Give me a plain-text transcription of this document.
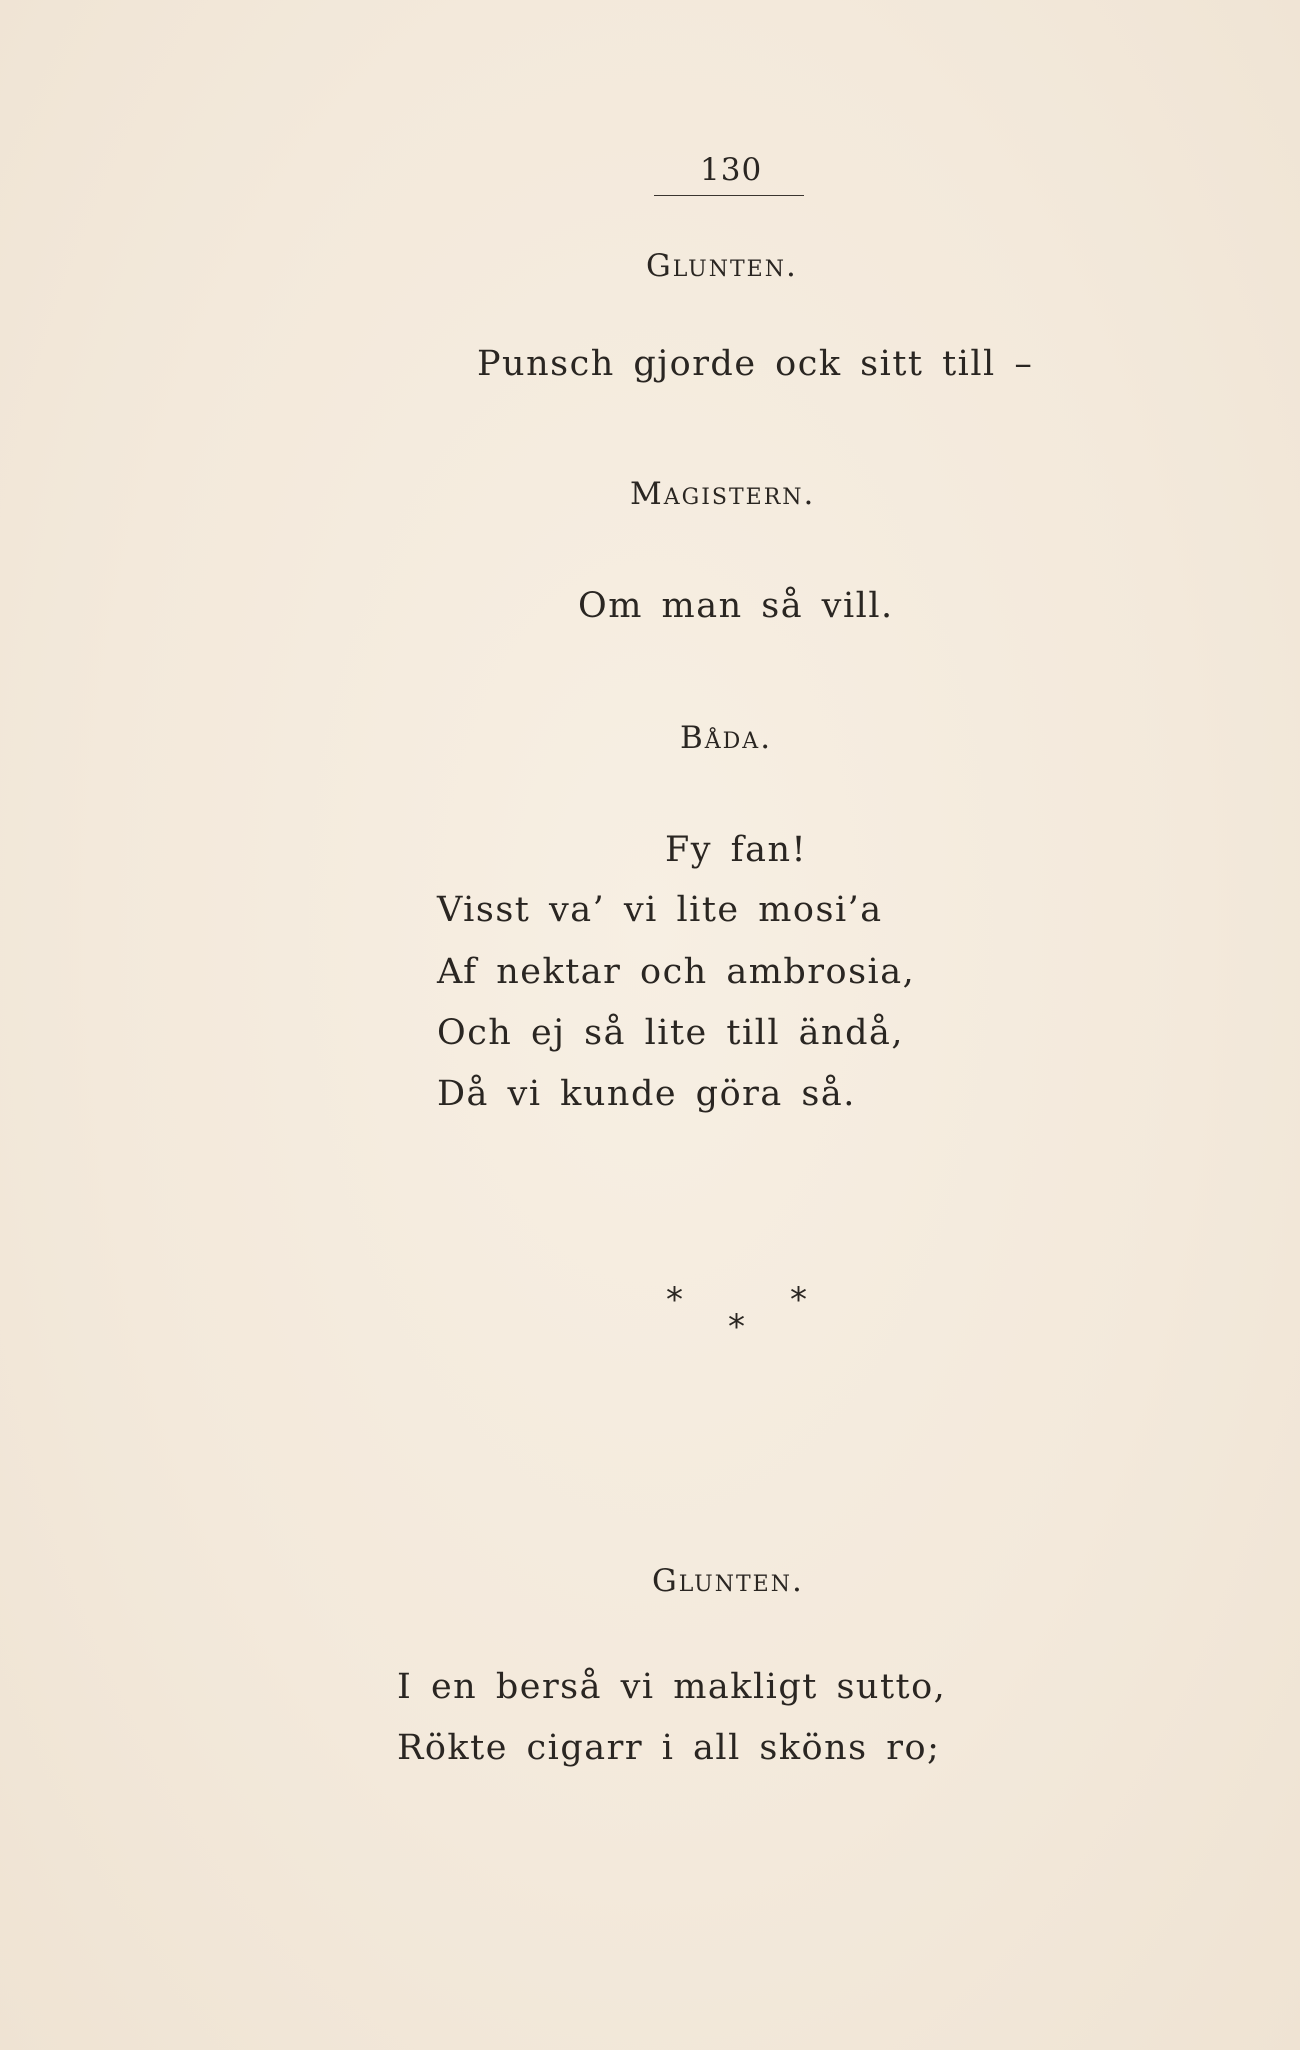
130
Glunten.
Punsch gjorde ock sitt till –
Magistern.
Om man så vill.
Båda.
Fy fan!
Visst va’ vi lite mosi’a
Af nektar och ambrosia,
Och ej så lite till ändå,
Då vi kunde göra så.
*	*
*
Glunten.
I en berså vi makligt sutto,
Rökte cigarr i all sköns ro;
